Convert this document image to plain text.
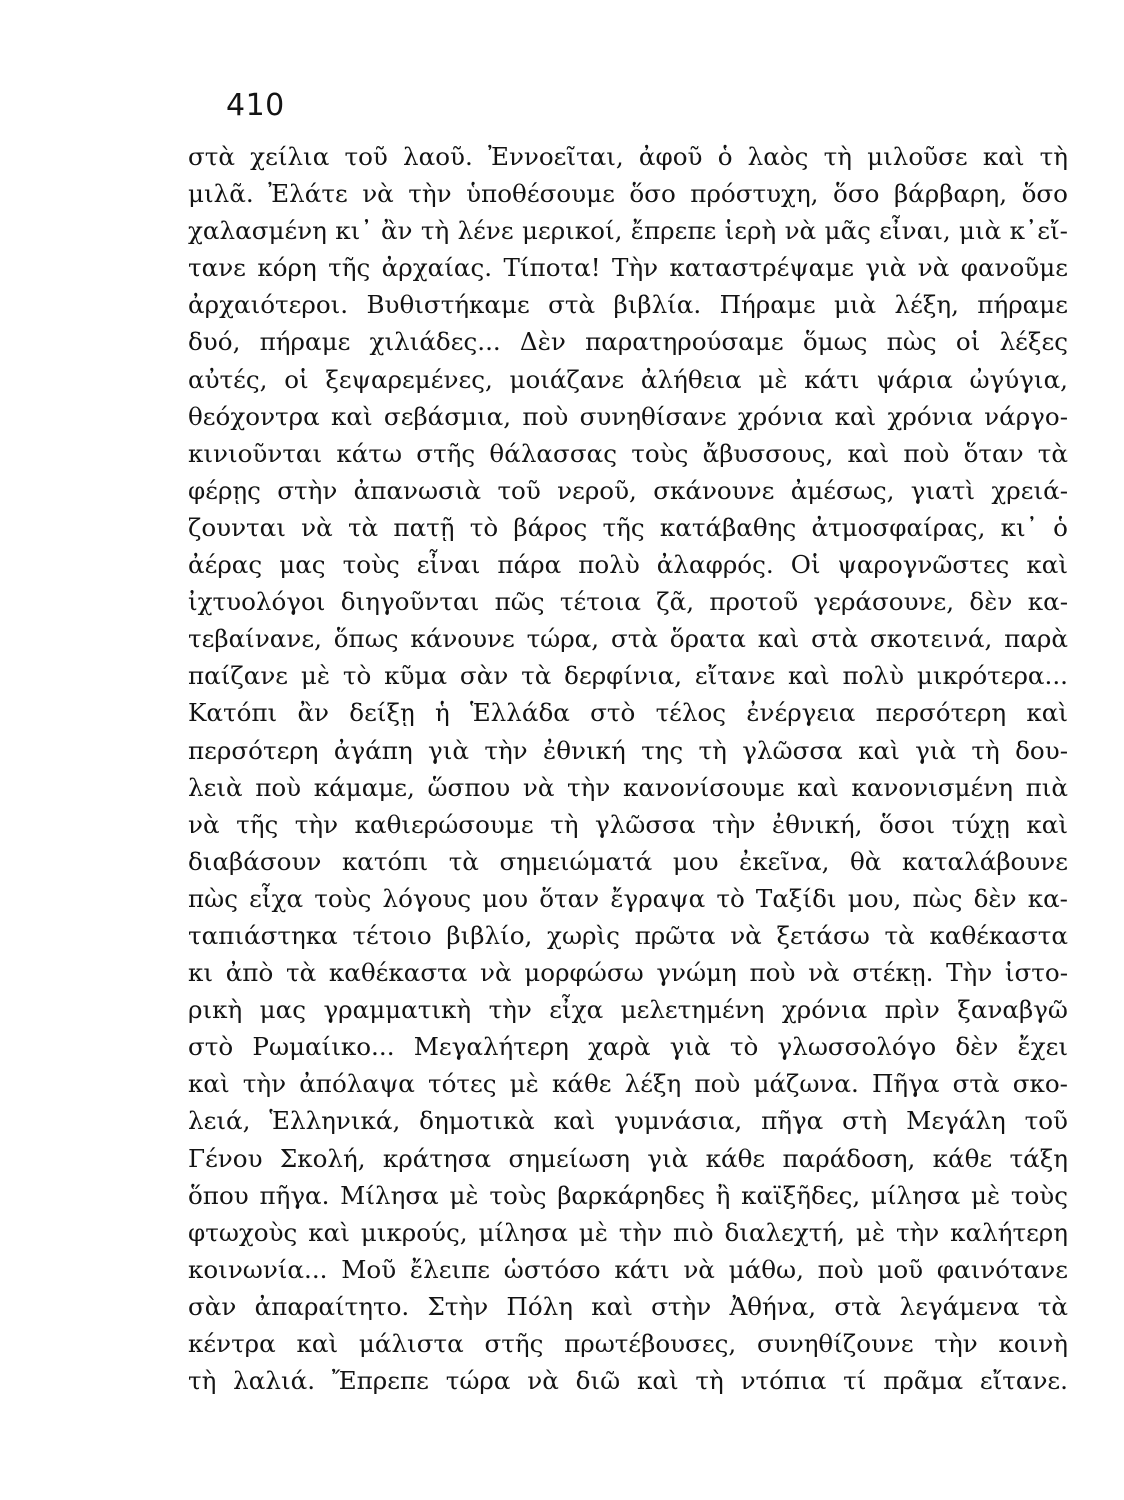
410
στὰ χείλια τοῦ λαοῦ. Ἐννοεῖται, ἀφοῦ ὁ λαὸς τὴ μιλοῦσε καὶ τὴ
μιλᾶ. Ἐλάτε νὰ τὴν ὑποθέσουμε ὅσο πρόστυχη, ὅσο βάρβαρη, ὅσο
χαλασμένη κι᾿ ἂν τὴ λένε μερικοί, ἔπρεπε ἱερὴ νὰ μᾶς εἶναι, μιὰ κ᾿εἴ-
τανε κόρη τῆς ἀρχαίας. Τίποτα! Τὴν καταστρέψαμε γιὰ νὰ φανοῦμε
ἀρχαιότεροι. Βυθιστήκαμε στὰ βιβλία. Πήραμε μιὰ λέξη, πήραμε
δυό, πήραμε χιλιάδες... Δὲν παρατηρούσαμε ὅμως πὼς οἱ λέξες
αὐτές, οἱ ξεψαρεμένες, μοιάζανε ἀλήθεια μὲ κάτι ψάρια ὠγύγια,
θεόχοντρα καὶ σεβάσμια, ποὺ συνηθίσανε χρόνια καὶ χρόνια νάργο-
κινιοῦνται κάτω στῆς θάλασσας τοὺς ἄβυσσους, καὶ ποὺ ὅταν τὰ
φέρῃς στὴν ἀπανωσιὰ τοῦ νεροῦ, σκάνουνε ἀμέσως, γιατὶ χρειά-
ζουνται νὰ τὰ πατῇ τὸ βάρος τῆς κατάβαθης ἀτμοσφαίρας, κι᾿ ὁ
ἀέρας μας τοὺς εἶναι πάρα πολὺ ἀλαφρός. Οἱ ψαρογνῶστες καὶ
ἰχτυολόγοι διηγοῦνται πῶς τέτοια ζᾶ, προτοῦ γεράσουνε, δὲν κα-
τεβαίνανε, ὅπως κάνουνε τώρα, στὰ ὅρατα καὶ στὰ σκοτεινά, παρὰ
παίζανε μὲ τὸ κῦμα σὰν τὰ δερφίνια, εἴτανε καὶ πολὺ μικρότερα...
Κατόπι ἂν δείξῃ ἡ Ἑλλάδα στὸ τέλος ἐνέργεια περσότερη καὶ
περσότερη ἀγάπη γιὰ τὴν ἐθνική της τὴ γλῶσσα καὶ γιὰ τὴ δου-
λειὰ ποὺ κάμαμε, ὥσπου νὰ τὴν κανονίσουμε καὶ κανονισμένη πιὰ
νὰ τῆς τὴν καθιερώσουμε τὴ γλῶσσα τὴν ἐθνική, ὅσοι τύχῃ καὶ
διαβάσουν κατόπι τὰ σημειώματά μου ἐκεῖνα, θὰ καταλάβουνε
πὼς εἶχα τοὺς λόγους μου ὅταν ἔγραψα τὸ Ταξίδι μου, πὼς δὲν κα-
ταπιάστηκα τέτοιο βιβλίο, χωρὶς πρῶτα νὰ ξετάσω τὰ καθέκαστα
κι ἀπὸ τὰ καθέκαστα νὰ μορφώσω γνώμη ποὺ νὰ στέκῃ. Τὴν ἱστο-
ρικὴ μας γραμματικὴ τὴν εἶχα μελετημένη χρόνια πρὶν ξαναβγῶ
στὸ Ρωμαίικο... Μεγαλήτερη χαρὰ γιὰ τὸ γλωσσολόγο δὲν ἔχει
καὶ τὴν ἀπόλαψα τότες μὲ κάθε λέξη ποὺ μάζωνα. Πῆγα στὰ σκο-
λειά, Ἑλληνικά, δημοτικὰ καὶ γυμνάσια, πῆγα στὴ Μεγάλη τοῦ
Γένου Σκολή, κράτησα σημείωση γιὰ κάθε παράδοση, κάθε τάξη
ὅπου πῆγα. Μίλησα μὲ τοὺς βαρκάρηδες ἢ καϊξῆδες, μίλησα μὲ τοὺς
φτωχοὺς καὶ μικρούς, μίλησα μὲ τὴν πιὸ διαλεχτή, μὲ τὴν καλήτερη
κοινωνία... Μοῦ ἔλειπε ὡστόσο κάτι νὰ μάθω, ποὺ μοῦ φαινότανε
σὰν ἀπαραίτητο. Στὴν Πόλη καὶ στὴν Ἀθήνα, στὰ λεγάμενα τὰ
κέντρα καὶ μάλιστα στῆς πρωτέβουσες, συνηθίζουνε τὴν κοινὴ
τὴ λαλιά. Ἔπρεπε τώρα νὰ διῶ καὶ τὴ ντόπια τί πρᾶμα εἴτανε.
